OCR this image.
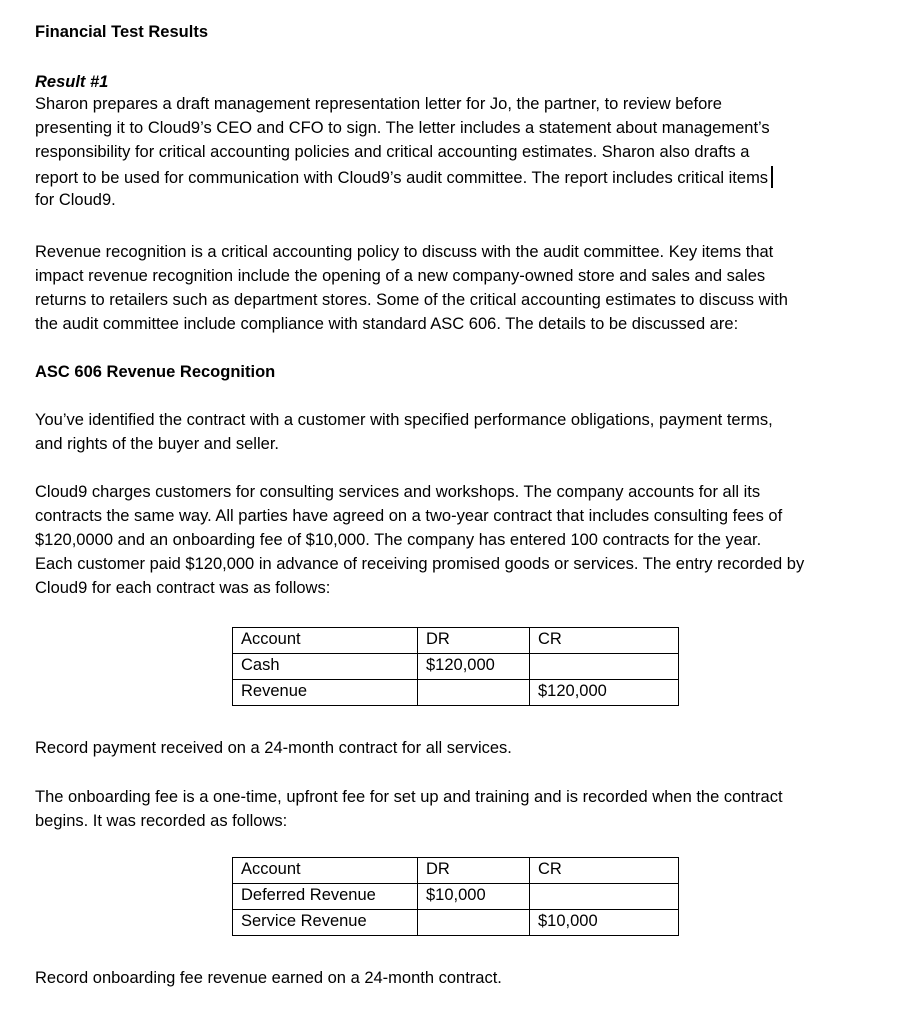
Financial Test Results
Result #1
Sharon prepares a draft management representation letter for Jo, the partner, to review before
presenting it to Cloud9’s CEO and CFO to sign. The letter includes a statement about management’s
responsibility for critical accounting policies and critical accounting estimates. Sharon also drafts a
report to be used for communication with Cloud9’s audit committee. The report includes critical items
for Cloud9.
Revenue recognition is a critical accounting policy to discuss with the audit committee. Key items that
impact revenue recognition include the opening of a new company-owned store and sales and sales
returns to retailers such as department stores. Some of the critical accounting estimates to discuss with
the audit committee include compliance with standard ASC 606. The details to be discussed are:
ASC 606 Revenue Recognition
You’ve identified the contract with a customer with specified performance obligations, payment terms,
and rights of the buyer and seller.
Cloud9 charges customers for consulting services and workshops. The company accounts for all its
contracts the same way. All parties have agreed on a two-year contract that includes consulting fees of
$120,0000 and an onboarding fee of $10,000. The company has entered 100 contracts for the year.
Each customer paid $120,000 in advance of receiving promised goods or services. The entry recorded by
Cloud9 for each contract was as follows:
Account	DR	CR
Cash	$120,000	
Revenue		$120,000
Record payment received on a 24-month contract for all services.
The onboarding fee is a one-time, upfront fee for set up and training and is recorded when the contract
begins. It was recorded as follows:
Account	DR	CR
Deferred Revenue	$10,000	
Service Revenue		$10,000
Record onboarding fee revenue earned on a 24-month contract.
